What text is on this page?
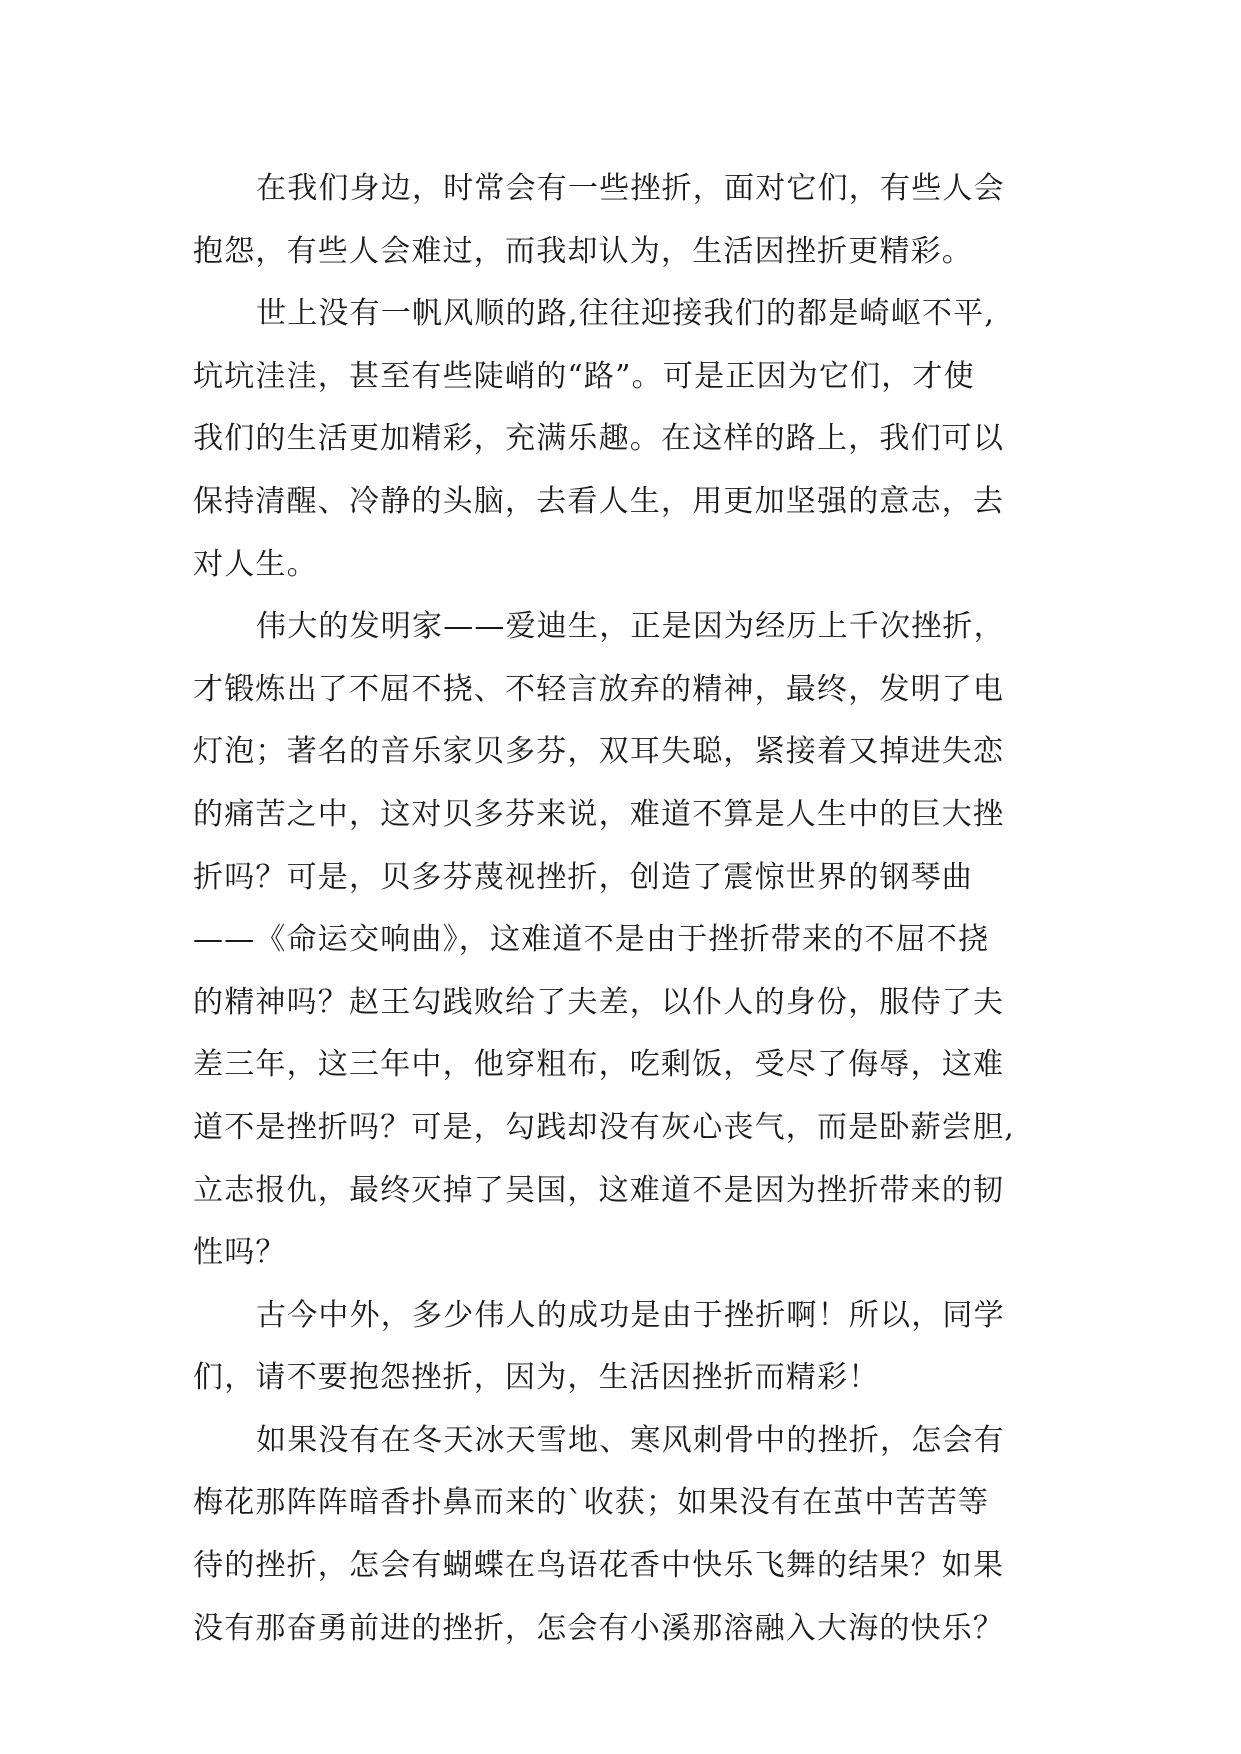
在我们身边，时常会有一些挫折，面对它们，有些人会
抱怨，有些人会难过，而我却认为，生活因挫折更精彩。
世上没有一帆风顺的路,往往迎接我们的都是崎岖不平,
坑坑洼洼，甚至有些陡峭的“路”。可是正因为它们，才使
我们的生活更加精彩，充满乐趣。在这样的路上，我们可以
保持清醒、冷静的头脑，去看人生，用更加坚强的意志，去
对人生。
伟大的发明家——爱迪生，正是因为经历上千次挫折，
才锻炼出了不屈不挠、不轻言放弃的精神，最终，发明了电
灯泡；著名的音乐家贝多芬，双耳失聪，紧接着又掉进失恋
的痛苦之中，这对贝多芬来说，难道不算是人生中的巨大挫
折吗？可是，贝多芬蔑视挫折，创造了震惊世界的钢琴曲
——《命运交响曲》，这难道不是由于挫折带来的不屈不挠
的精神吗？赵王勾践败给了夫差，以仆人的身份，服侍了夫
差三年，这三年中，他穿粗布，吃剩饭，受尽了侮辱，这难
道不是挫折吗？可是，勾践却没有灰心丧气，而是卧薪尝胆,
立志报仇，最终灭掉了吴国，这难道不是因为挫折带来的韧
性吗？
古今中外，多少伟人的成功是由于挫折啊！所以，同学
们，请不要抱怨挫折，因为，生活因挫折而精彩！
如果没有在冬天冰天雪地、寒风刺骨中的挫折，怎会有
梅花那阵阵暗香扑鼻而来的`收获；如果没有在茧中苦苦等
待的挫折，怎会有蝴蝶在鸟语花香中快乐飞舞的结果？如果
没有那奋勇前进的挫折，怎会有小溪那溶融入大海的快乐？
